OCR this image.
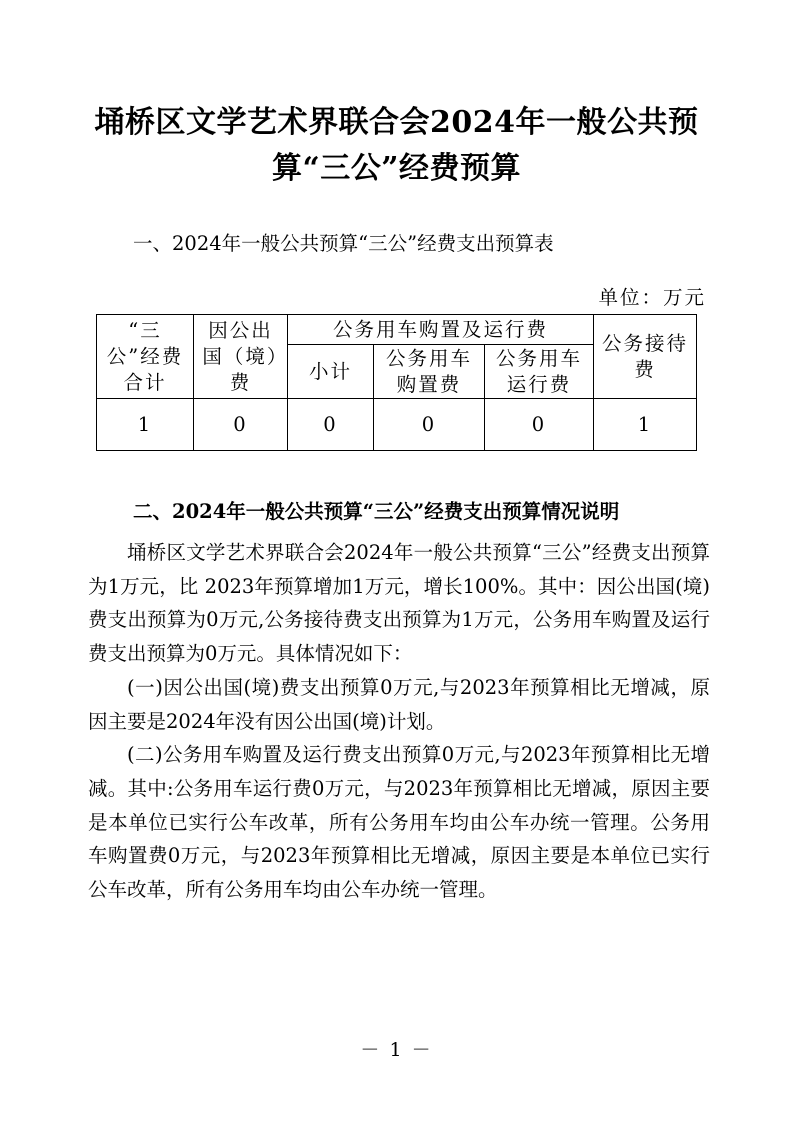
埇桥区文学艺术界联合会2024年一般公共预算“三公”经费预算
一、2024年一般公共预算“三公”经费支出预算表
单位：万元
“三公”经费合计	因公出国（境）费	公务用车购置及运行费			公务接待费
		小计	公务用车购置费	公务用车运行费	
1	0	0	0	0	1
二、2024年一般公共预算“三公”经费支出预算情况说明

埇桥区文学艺术界联合会2024年一般公共预算“三公”经费支出预算为1万元，比 2023年预算增加1万元，增长100%。其中：因公出国(境)费支出预算为0万元,公务接待费支出预算为1万元，公务用车购置及运行费支出预算为0万元。具体情况如下：

(一)因公出国(境)费支出预算0万元,与2023年预算相比无增减，原因主要是2024年没有因公出国(境)计划。

(二)公务用车购置及运行费支出预算0万元,与2023年预算相比无增减。其中:公务用车运行费0万元，与2023年预算相比无增减，原因主要是本单位已实行公车改革，所有公务用车均由公车办统一管理。公务用车购置费0万元，与2023年预算相比无增减，原因主要是本单位已实行公车改革，所有公务用车均由公车办统一管理。

－ 1 －
